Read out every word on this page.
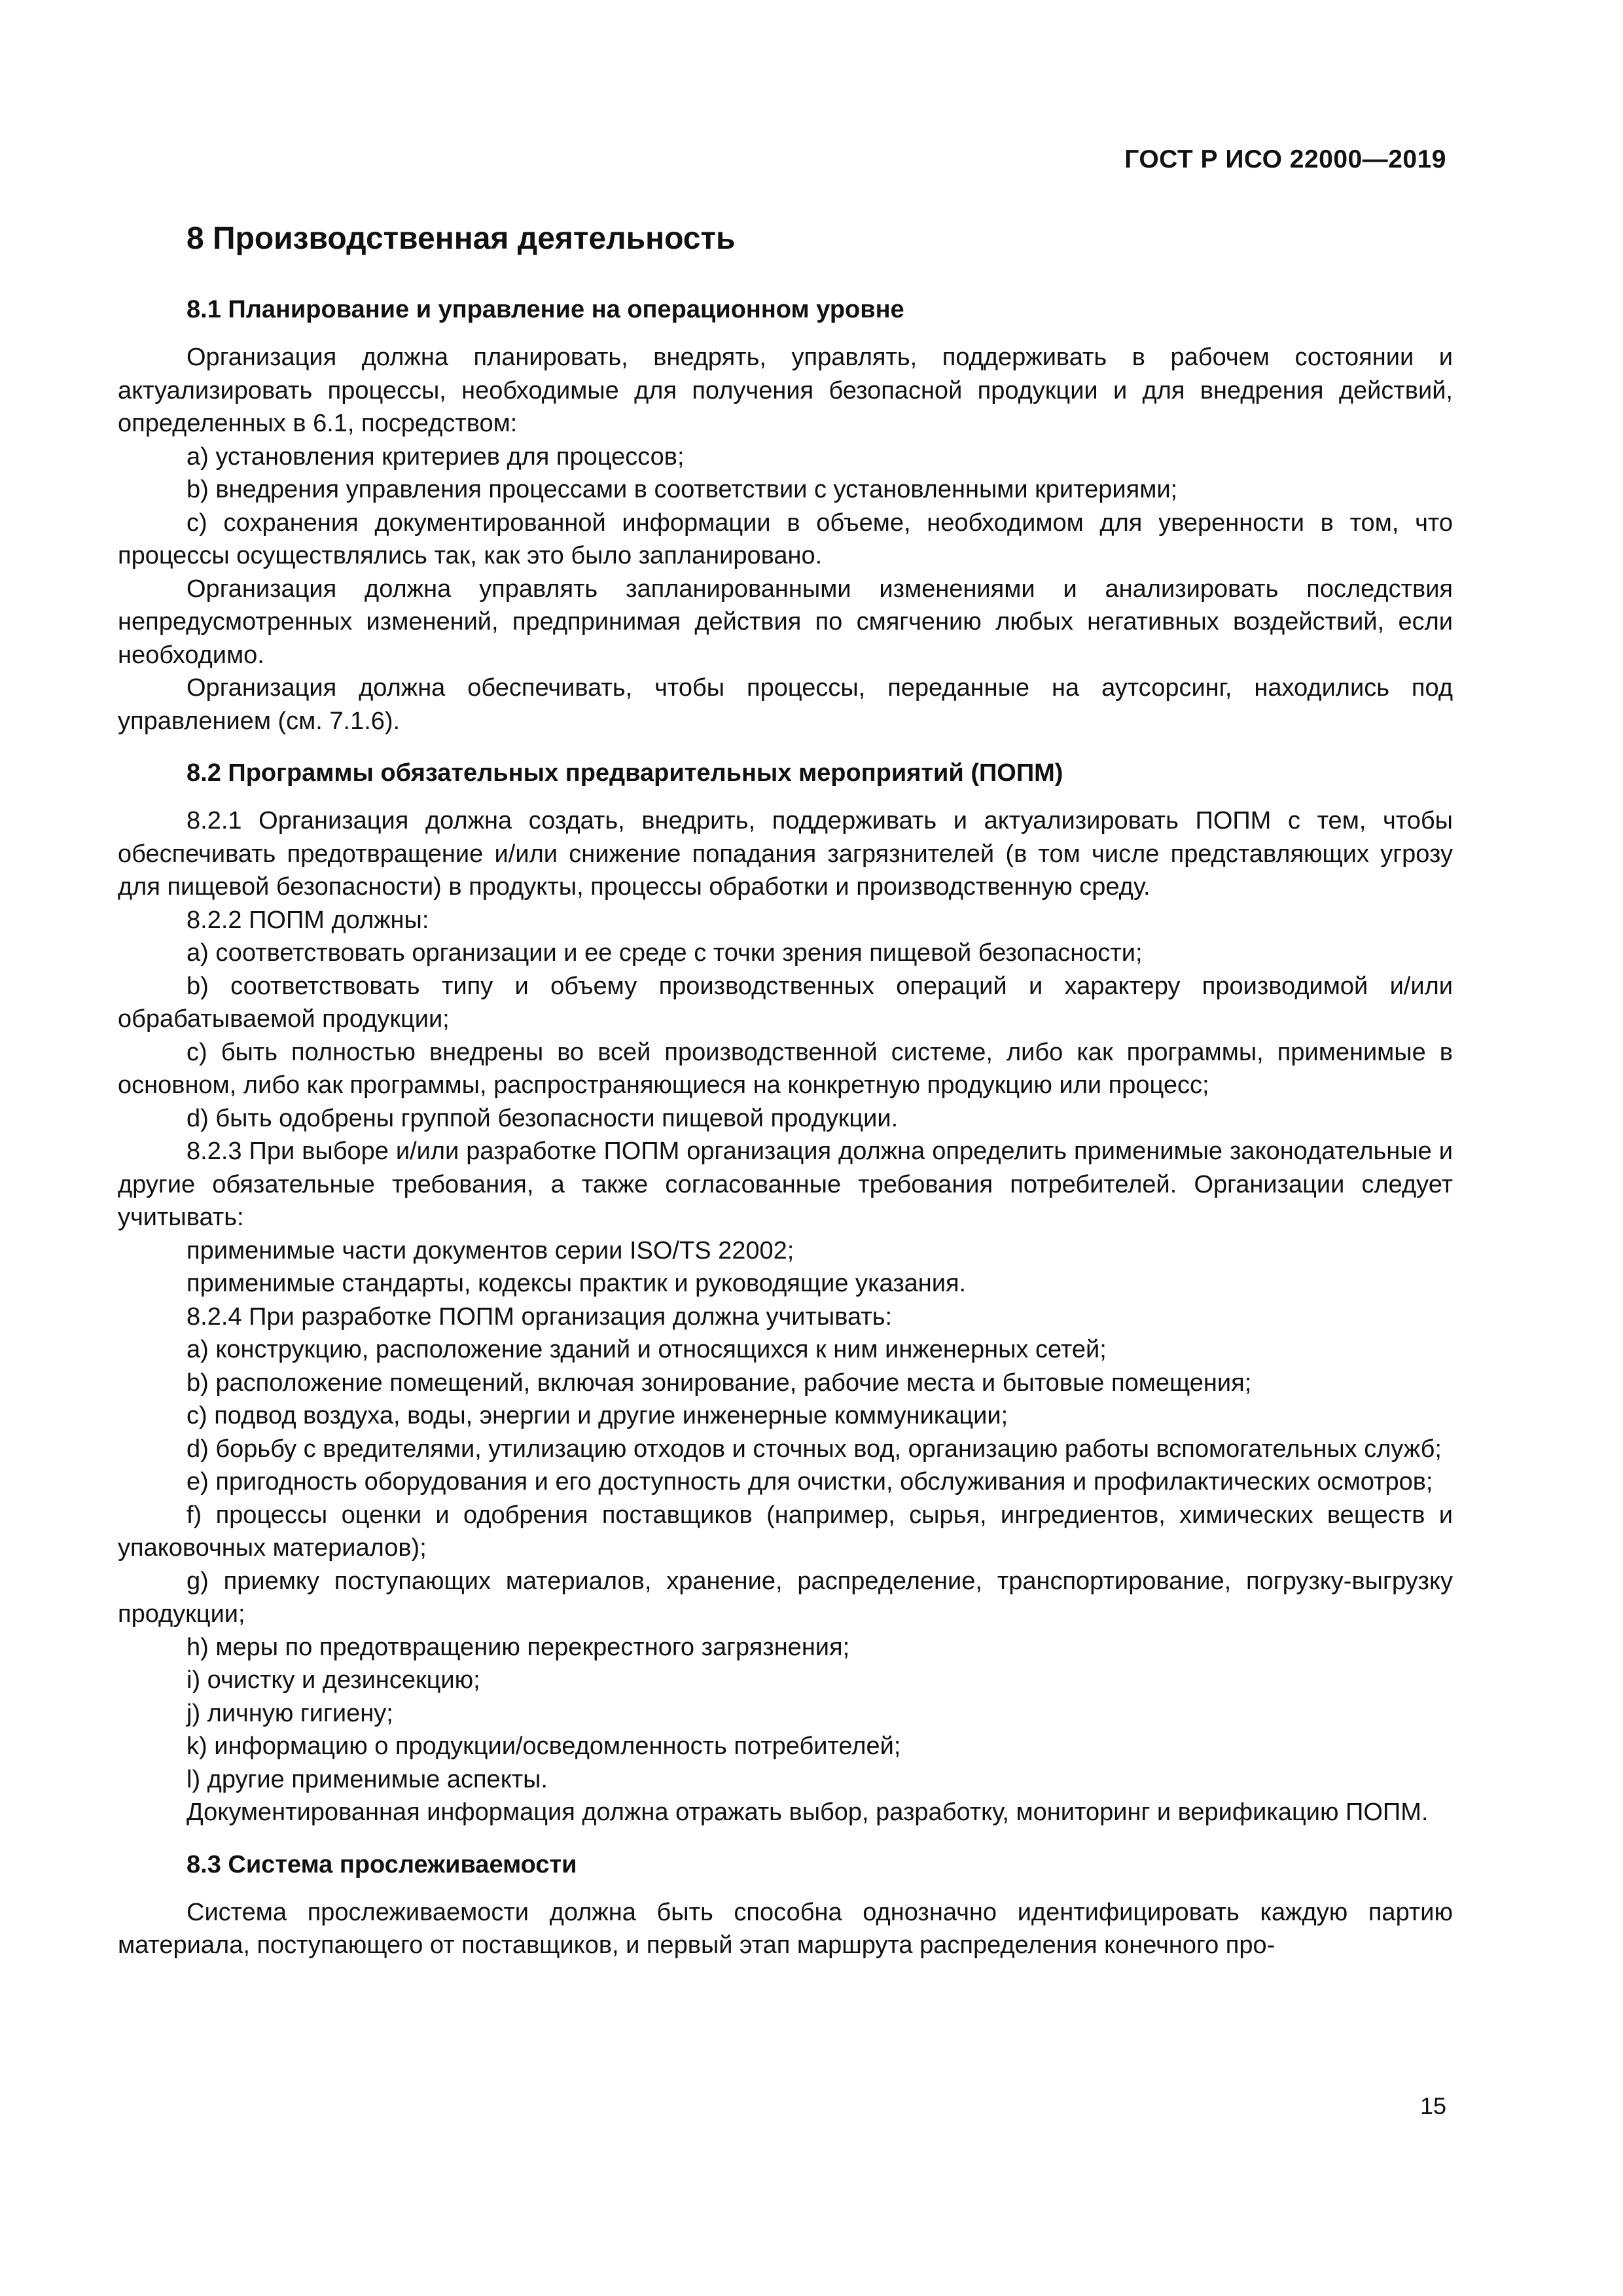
ГОСТ Р ИСО 22000—2019
8 Производственная деятельность
8.1 Планирование и управление на операционном уровне

Организация должна планировать, внедрять, управлять, поддерживать в рабочем состоянии и актуализировать процессы, необходимые для получения безопасной продукции и для внедрения действий, определенных в 6.1, посредством:

a) установления критериев для процессов;

b) внедрения управления процессами в соответствии с установленными критериями;

c) сохранения документированной информации в объеме, необходимом для уверенности в том, что процессы осуществлялись так, как это было запланировано.

Организация должна управлять запланированными изменениями и анализировать последствия непредусмотренных изменений, предпринимая действия по смягчению любых негативных воздействий, если необходимо.

Организация должна обеспечивать, чтобы процессы, переданные на аутсорсинг, находились под управлением (см. 7.1.6).

8.2 Программы обязательных предварительных мероприятий (ПОПМ)

8.2.1 Организация должна создать, внедрить, поддерживать и актуализировать ПОПМ с тем, чтобы обеспечивать предотвращение и/или снижение попадания загрязнителей (в том числе представляющих угрозу для пищевой безопасности) в продукты, процессы обработки и производственную среду.

8.2.2 ПОПМ должны:

a) соответствовать организации и ее среде с точки зрения пищевой безопасности;

b) соответствовать типу и объему производственных операций и характеру производимой и/или обрабатываемой продукции;

c) быть полностью внедрены во всей производственной системе, либо как программы, применимые в основном, либо как программы, распространяющиеся на конкретную продукцию или процесс;

d) быть одобрены группой безопасности пищевой продукции.

8.2.3 При выборе и/или разработке ПОПМ организация должна определить применимые законодательные и другие обязательные требования, а также согласованные требования потребителей. Организации следует учитывать:

применимые части документов серии ISO/TS 22002;

применимые стандарты, кодексы практик и руководящие указания.

8.2.4 При разработке ПОПМ организация должна учитывать:

a) конструкцию, расположение зданий и относящихся к ним инженерных сетей;

b) расположение помещений, включая зонирование, рабочие места и бытовые помещения;

c) подвод воздуха, воды, энергии и другие инженерные коммуникации;

d) борьбу с вредителями, утилизацию отходов и сточных вод, организацию работы вспомогательных служб;

e) пригодность оборудования и его доступность для очистки, обслуживания и профилактических осмотров;

f) процессы оценки и одобрения поставщиков (например, сырья, ингредиентов, химических веществ и упаковочных материалов);

g) приемку поступающих материалов, хранение, распределение, транспортирование, погрузку-выгрузку продукции;

h) меры по предотвращению перекрестного загрязнения;

i) очистку и дезинсекцию;

j) личную гигиену;

k) информацию о продукции/осведомленность потребителей;

l) другие применимые аспекты.

Документированная информация должна отражать выбор, разработку, мониторинг и верификацию ПОПМ.

8.3 Система прослеживаемости

Система прослеживаемости должна быть способна однозначно идентифицировать каждую партию материала, поступающего от поставщиков, и первый этап маршрута распределения конечного про-

15
